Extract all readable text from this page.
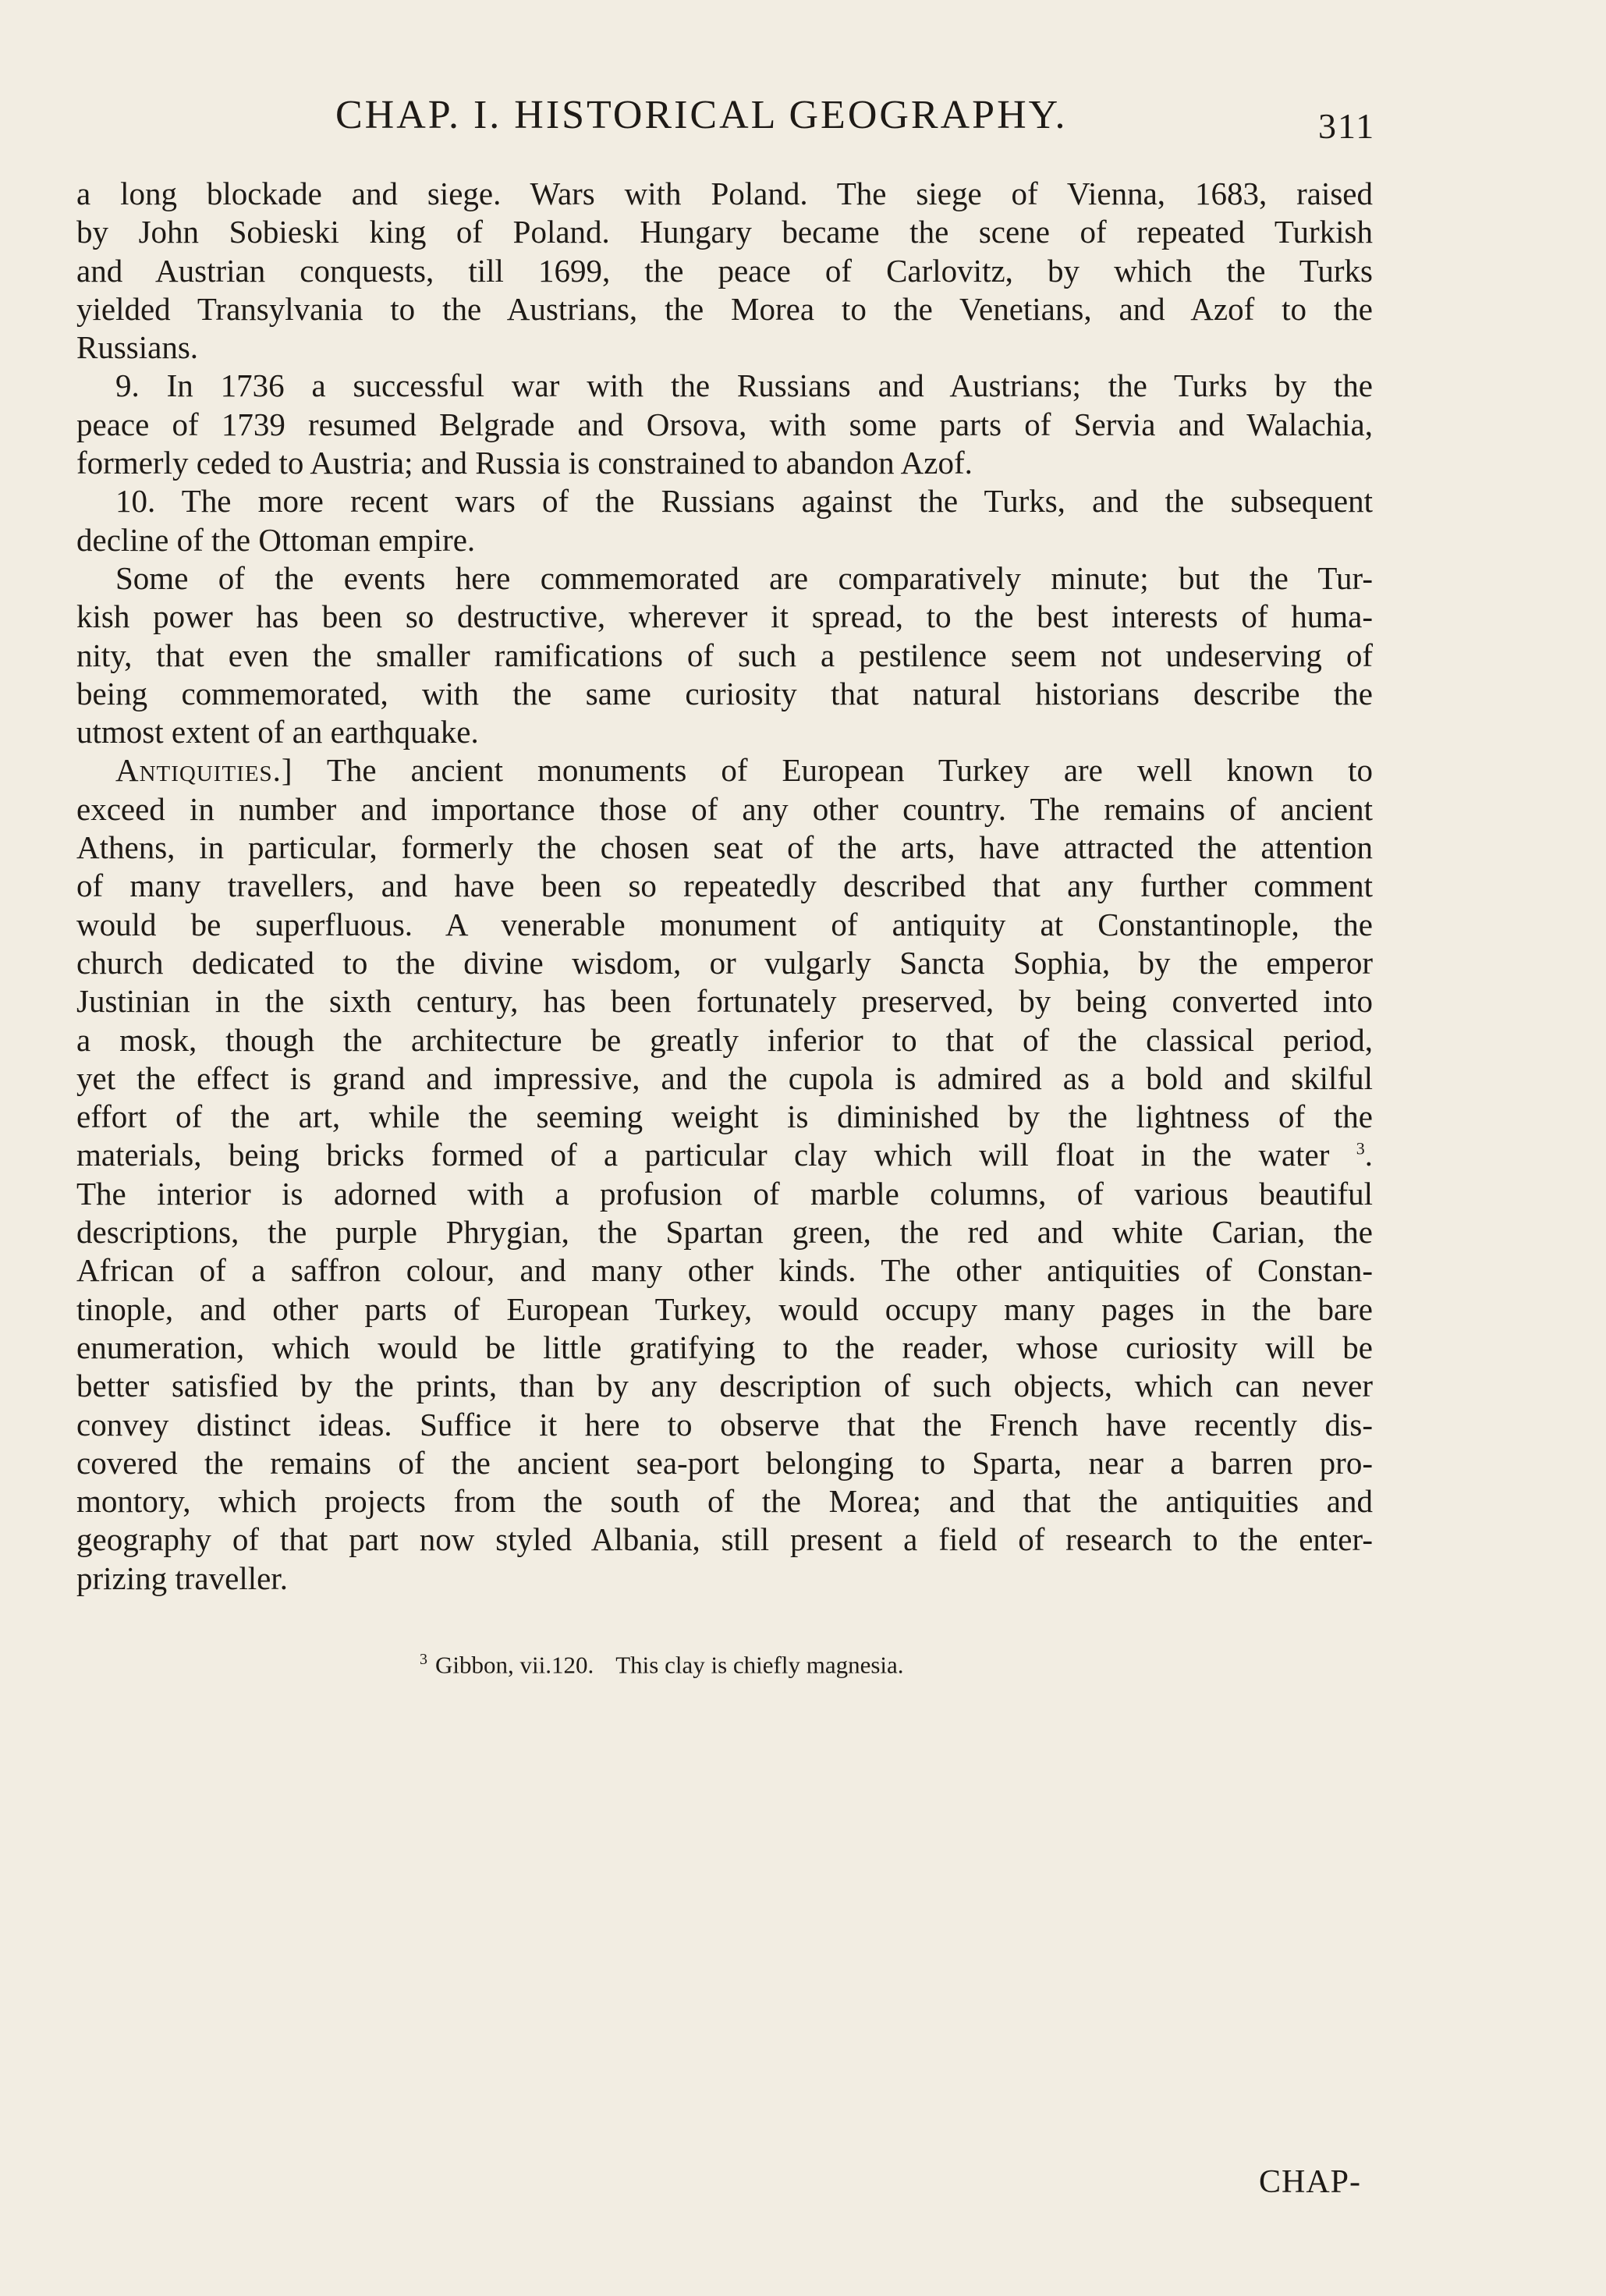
CHAP. I. HISTORICAL GEOGRAPHY.	311
a long blockade and siege. Wars with Poland. The siege of Vienna, 1683, raised
by John Sobieski king of Poland. Hungary became the scene of repeated Turkish
and Austrian conquests, till 1699, the peace of Carlovitz, by which the Turks
yielded Transylvania to the Austrians, the Morea to the Venetians, and Azof to the
Russians.
9. In 1736 a successful war with the Russians and Austrians; the Turks by the
peace of 1739 resumed Belgrade and Orsova, with some parts of Servia and Walachia,
formerly ceded to Austria; and Russia is constrained to abandon Azof.
10. The more recent wars of the Russians against the Turks, and the subsequent
decline of the Ottoman empire.
Some of the events here commemorated are comparatively minute; but the Tur-
kish power has been so destructive, wherever it spread, to the best interests of huma-
nity, that even the smaller ramifications of such a pestilence seem not undeserving of
being commemorated, with the same curiosity that natural historians describe the
utmost extent of an earthquake.
Antiquities.] The ancient monuments of European Turkey are well known to
exceed in number and importance those of any other country. The remains of ancient
Athens, in particular, formerly the chosen seat of the arts, have attracted the attention
of many travellers, and have been so repeatedly described that any further comment
would be superfluous. A venerable monument of antiquity at Constantinople, the
church dedicated to the divine wisdom, or vulgarly Sancta Sophia, by the emperor
Justinian in the sixth century, has been fortunately preserved, by being converted into
a mosk, though the architecture be greatly inferior to that of the classical period,
yet the effect is grand and impressive, and the cupola is admired as a bold and skilful
effort of the art, while the seeming weight is diminished by the lightness of the
materials, being bricks formed of a particular clay which will float in the water $^3$.
The interior is adorned with a profusion of marble columns, of various beautiful
descriptions, the purple Phrygian, the Spartan green, the red and white Carian, the
African of a saffron colour, and many other kinds. The other antiquities of Constan-
tinople, and other parts of European Turkey, would occupy many pages in the bare
enumeration, which would be little gratifying to the reader, whose curiosity will be
better satisfied by the prints, than by any description of such objects, which can never
convey distinct ideas. Suffice it here to observe that the French have recently dis-
covered the remains of the ancient sea-port belonging to Sparta, near a barren pro-
montory, which projects from the south of the Morea; and that the antiquities and
geography of that part now styled Albania, still present a field of research to the enter-
prizing traveller.
$^3$ Gibbon, vii.120. This clay is chiefly magnesia.
CHAP-
